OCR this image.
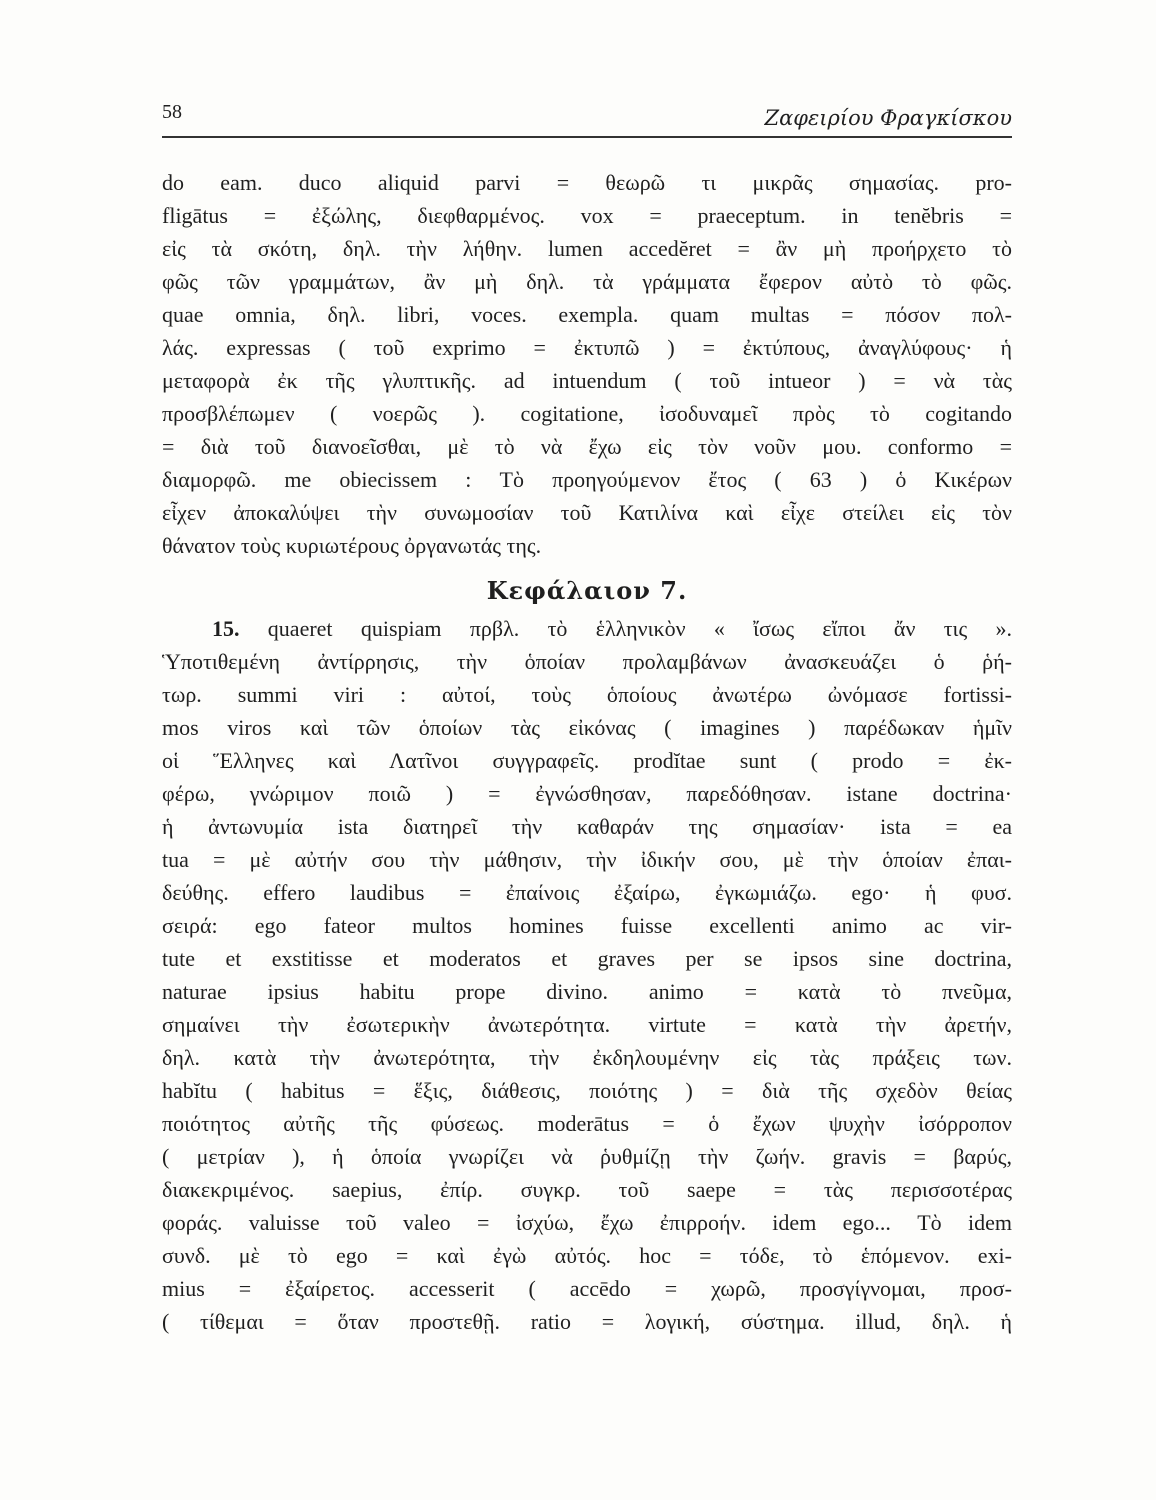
58	Ζαφειρίου Φραγκίσκου
do eam. duco aliquid parvi = θεωρῶ τι μικρᾶς σημασίας. pro-
fligātus = ἐξώλης, διεφθαρμένος. vox = praeceptum. in tenĕbris =
εἰς τὰ σκότη, δηλ. τὴν λήθην. lumen accedĕret = ἂν μὴ προήρχετο τὸ
φῶς τῶν γραμμάτων, ἂν μὴ δηλ. τὰ γράμματα ἔφερον αὐτὸ τὸ φῶς.
quae omnia, δηλ. libri, voces. exempla. quam multas = πόσον πολ-
λάς. expressas ( τοῦ exprimo = ἐκτυπῶ ) = ἐκτύπους, ἀναγλύφους· ἡ
μεταφορὰ ἐκ τῆς γλυπτικῆς. ad intuendum ( τοῦ intueor ) = νὰ τὰς
προσβλέπωμεν ( νοερῶς ). cogitatione, ἰσοδυναμεῖ πρὸς τὸ cogitando
= διὰ τοῦ διανοεῖσθαι, μὲ τὸ νὰ ἔχω εἰς τὸν νοῦν μου. conformo =
διαμορφῶ. me obiecissem : Τὸ προηγούμενον ἔτος ( 63 ) ὁ Κικέρων
εἶχεν ἀποκαλύψει τὴν συνωμοσίαν τοῦ Κατιλίνα καὶ εἶχε στείλει εἰς τὸν
θάνατον τοὺς κυριωτέρους ὀργανωτάς της.
Κεφάλαιον 7.
15. quaeret quispiam πρβλ. τὸ ἑλληνικὸν « ἴσως εἴποι ἄν τις ».
Ὑποτιθεμένη ἀντίρρησις, τὴν ὁποίαν προλαμβάνων ἀνασκευάζει ὁ ῥή-
τωρ. summi viri : αὐτοί, τοὺς ὁποίους ἀνωτέρω ὠνόμασε fortissi-
mos viros καὶ τῶν ὁποίων τὰς εἰκόνας ( imagines ) παρέδωκαν ἡμῖν
οἱ Ἕλληνες καὶ Λατῖνοι συγγραφεῖς. prodĭtae sunt ( prodo = ἐκ-
φέρω, γνώριμον ποιῶ ) = ἐγνώσθησαν, παρεδόθησαν. istane doctrina·
ἡ ἀντωνυμία ista διατηρεῖ τὴν καθαράν της σημασίαν· ista = ea
tua = μὲ αὐτήν σου τὴν μάθησιν, τὴν ἰδικήν σου, μὲ τὴν ὁποίαν ἐπαι-
δεύθης. effero laudibus = ἐπαίνοις ἐξαίρω, ἐγκωμιάζω. ego· ἡ φυσ.
σειρά: ego fateor multos homines fuisse excellenti animo ac vir-
tute et exstitisse et moderatos et graves per se ipsos sine doctrina,
naturae ipsius habitu prope divino. animo = κατὰ τὸ πνεῦμα,
σημαίνει τὴν ἐσωτερικὴν ἀνωτερότητα. virtute = κατὰ τὴν ἀρετήν,
δηλ. κατὰ τὴν ἀνωτερότητα, τὴν ἐκδηλουμένην εἰς τὰς πράξεις των.
habĭtu ( habitus = ἕξις, διάθεσις, ποιότης ) = διὰ τῆς σχεδὸν θείας
ποιότητος αὐτῆς τῆς φύσεως. moderātus = ὁ ἔχων ψυχὴν ἰσόρροπον
( μετρίαν ), ἡ ὁποία γνωρίζει νὰ ῥυθμίζῃ τὴν ζωήν. gravis = βαρύς,
διακεκριμένος. saepius, ἐπίρ. συγκρ. τοῦ saepe = τὰς περισσοτέρας
φοράς. valuisse τοῦ valeo = ἰσχύω, ἔχω ἐπιρροήν. idem ego... Τὸ idem
συνδ. μὲ τὸ ego = καὶ ἐγὼ αὐτός. hoc = τόδε, τὸ ἑπόμενον. exi-
mius = ἐξαίρετος. accesserit ( accēdo = χωρῶ, προσγίγνομαι, προσ-
( τίθεμαι = ὅταν προστεθῇ. ratio = λογική, σύστημα. illud, δηλ. ἡ
